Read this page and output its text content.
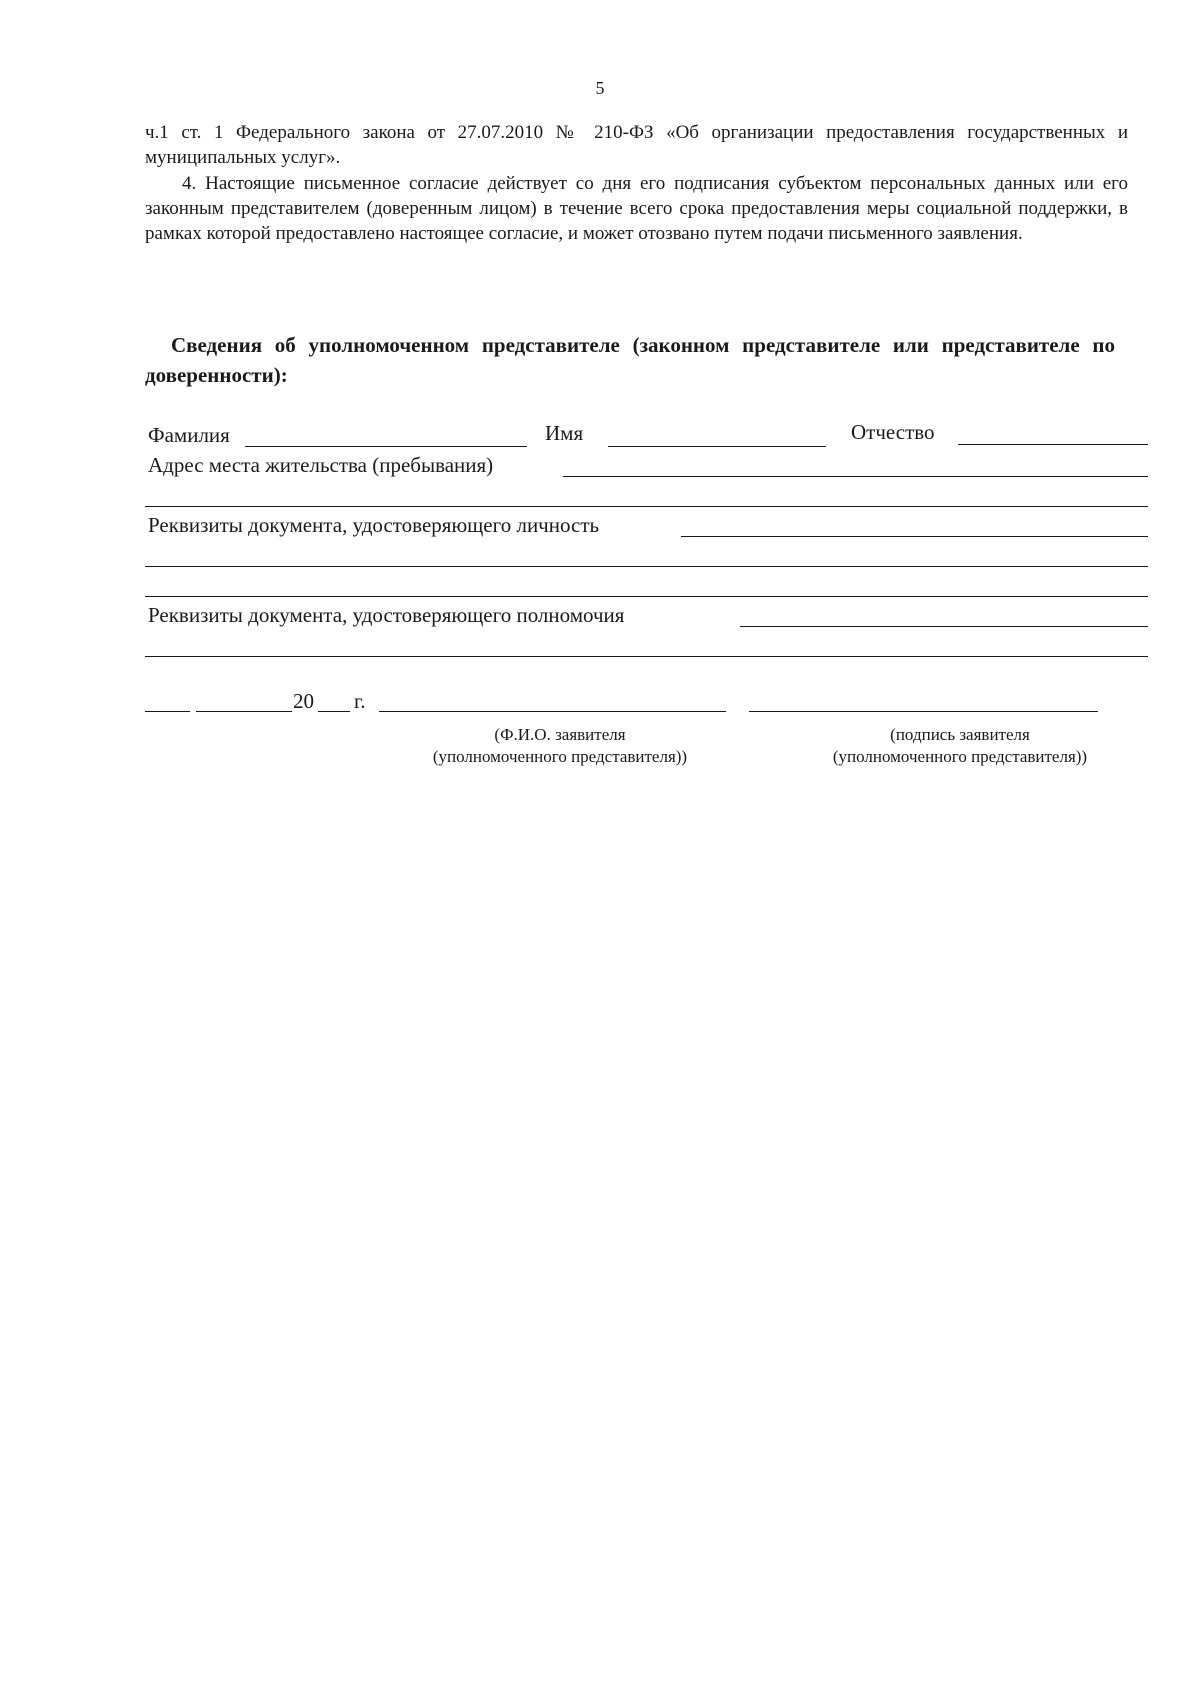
5

ч.1 ст. 1 Федерального закона от 27.07.2010 № 210-ФЗ «Об организации предоставления государственных и муниципальных услуг».

4. Настоящие письменное согласие действует со дня его подписания субъектом персональных данных или его законным представителем (доверенным лицом) в течение всего срока предоставления меры социальной поддержки, в рамках которой предоставлено настоящее согласие, и может отозвано путем подачи письменного заявления.

Сведения об уполномоченном представителе (законном представителе или представителе по доверенности):

Фамилия	Имя	Отчество
Адрес места жительства (пребывания)
Реквизиты документа, удостоверяющего личность
Реквизиты документа, удостоверяющего полномочия
20 г.
(Ф.И.О. заявителя
(уполномоченного представителя))
(подпись заявителя
(уполномоченного представителя))
